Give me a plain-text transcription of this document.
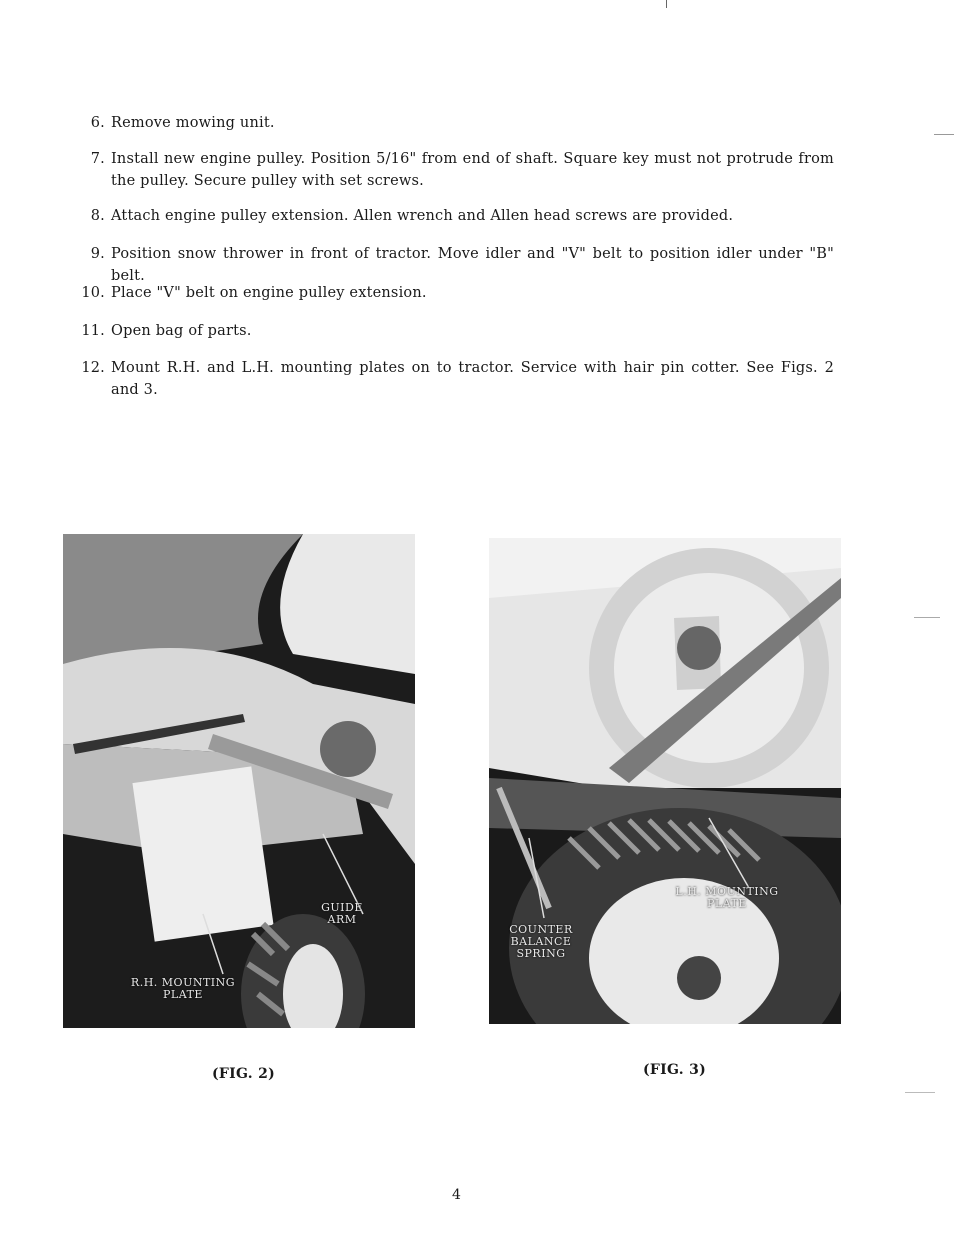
6. Remove mowing unit.
7. Install new engine pulley. Position 5/16" from end of shaft. Square key must not protrude from the pulley. Secure pulley with set screws.
8. Attach engine pulley extension. Allen wrench and Allen head screws are provided.
9. Position snow thrower in front of tractor. Move idler and "V" belt to position idler under "B" belt.
10. Place "V" belt on engine pulley extension.
11. Open bag of parts.
12. Mount R.H. and L.H. mounting plates on to tractor. Service with hair pin cotter. See Figs. 2 and 3.
GUIDE
ARM
R.H. MOUNTING
PLATE
L.H. MOUNTING
PLATE
COUNTER
BALANCE
SPRING
(FIG. 2)	(FIG. 3)
4
